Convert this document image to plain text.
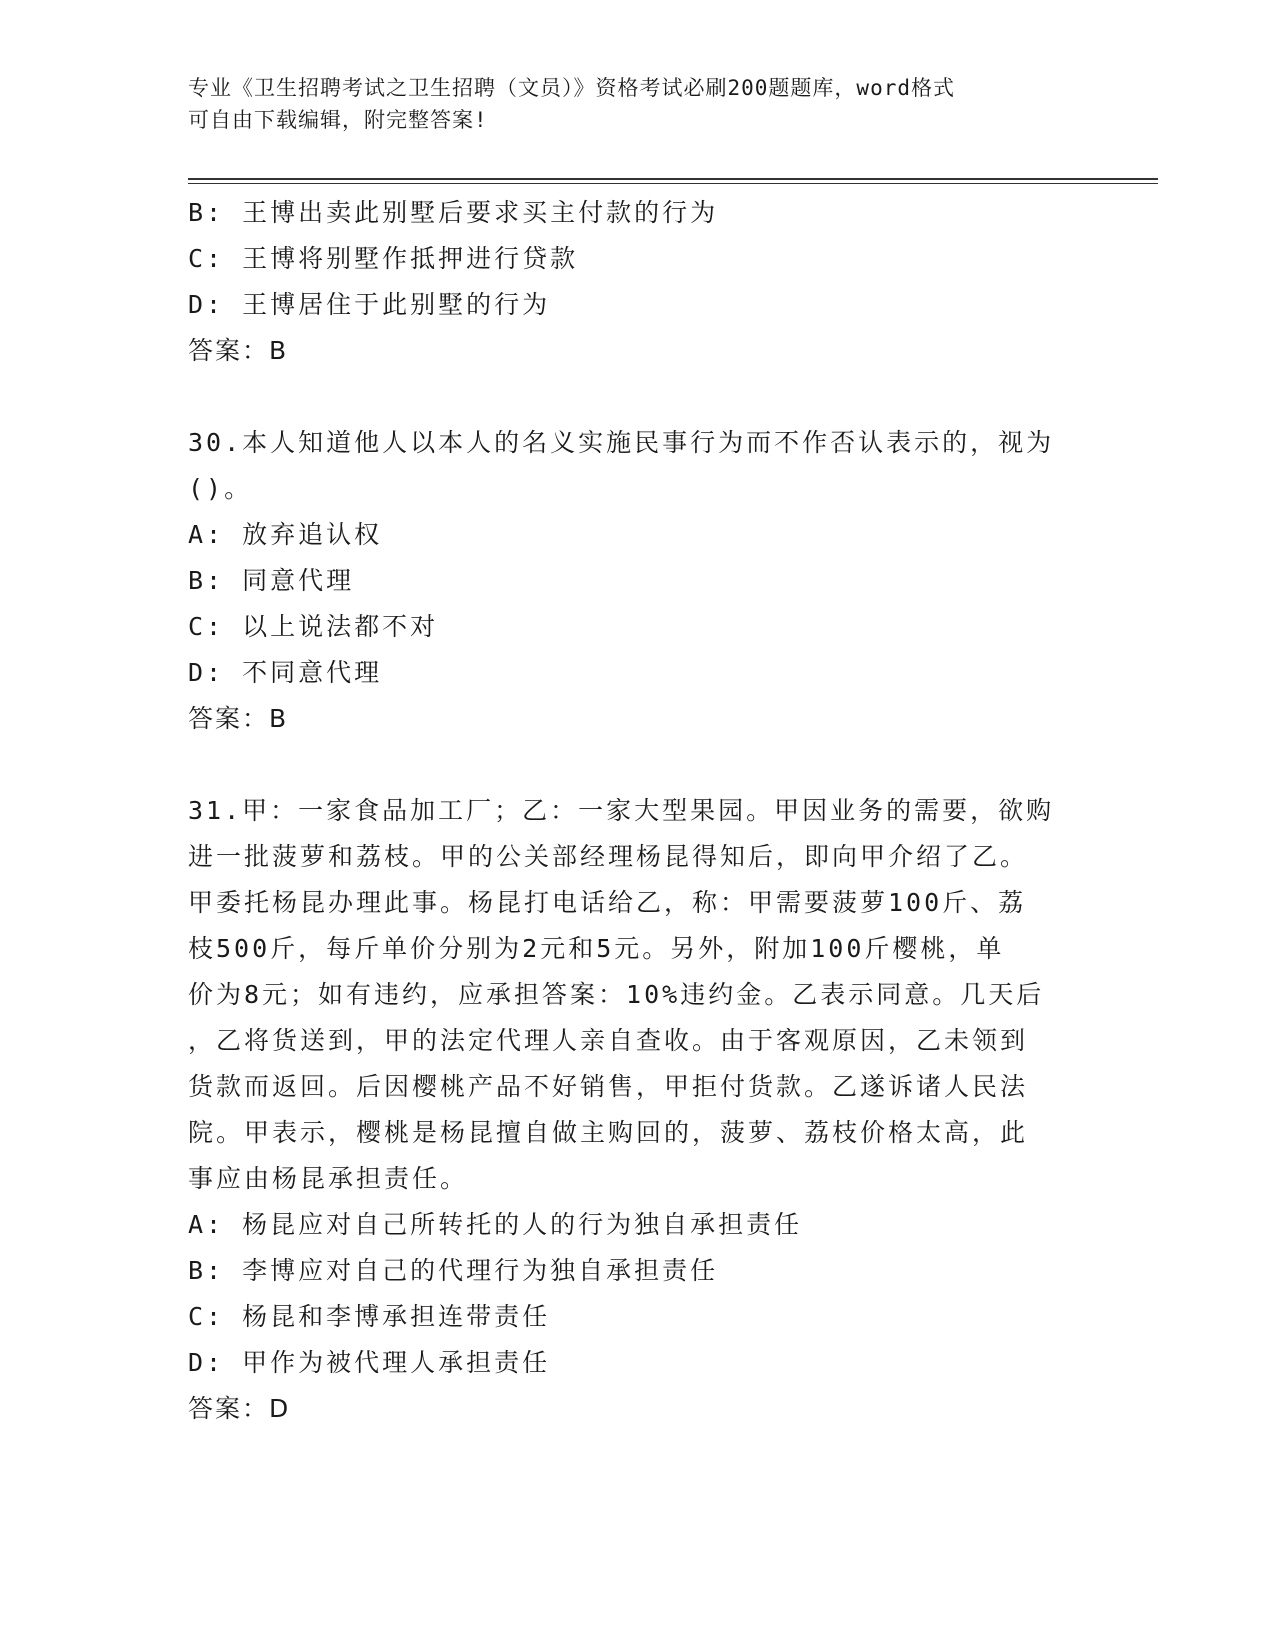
专业《卫生招聘考试之卫生招聘（文员）》资格考试必刷200题题库，word格式
可自由下载编辑，附完整答案!
B: 王博出卖此别墅后要求买主付款的行为
C: 王博将别墅作抵押进行贷款
D: 王博居住于此别墅的行为
答案：B
30.本人知道他人以本人的名义实施民事行为而不作否认表示的，视为
()。
A: 放弃追认权
B: 同意代理
C: 以上说法都不对
D: 不同意代理
答案：B
31.甲：一家食品加工厂；乙：一家大型果园。甲因业务的需要，欲购
进一批菠萝和荔枝。甲的公关部经理杨昆得知后，即向甲介绍了乙。
甲委托杨昆办理此事。杨昆打电话给乙，称：甲需要菠萝100斤、荔
枝500斤，每斤单价分别为2元和5元。另外，附加100斤樱桃，单
价为8元；如有违约，应承担答案：10%违约金。乙表示同意。几天后
，乙将货送到，甲的法定代理人亲自查收。由于客观原因，乙未领到
货款而返回。后因樱桃产品不好销售，甲拒付货款。乙遂诉诸人民法
院。甲表示，樱桃是杨昆擅自做主购回的，菠萝、荔枝价格太高，此
事应由杨昆承担责任。
A: 杨昆应对自己所转托的人的行为独自承担责任
B: 李博应对自己的代理行为独自承担责任
C: 杨昆和李博承担连带责任
D: 甲作为被代理人承担责任
答案：D
